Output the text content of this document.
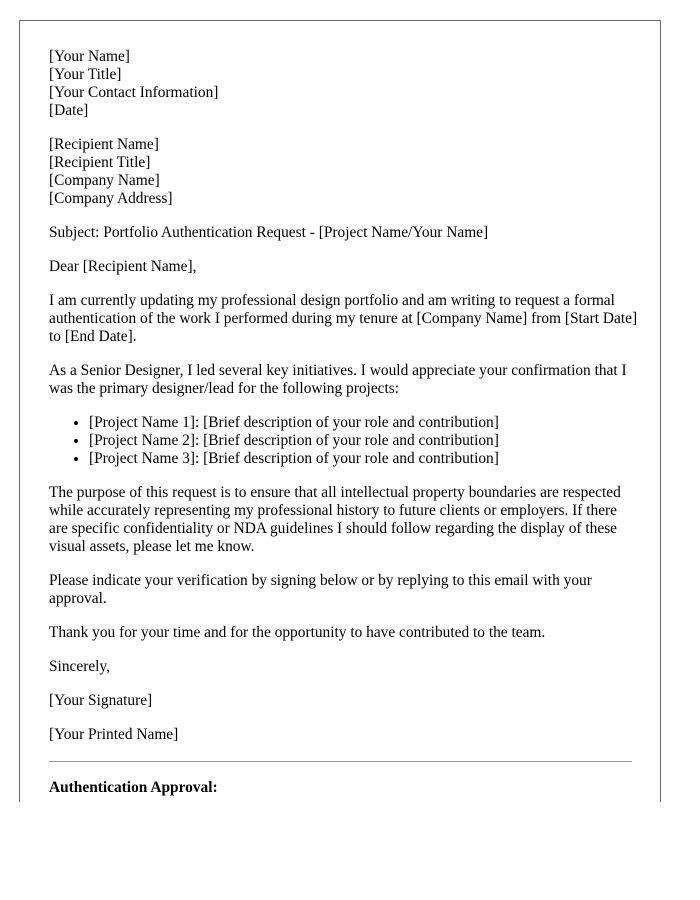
[Your Name]
[Your Title]
[Your Contact Information]
[Date]
[Recipient Name]
[Recipient Title]
[Company Name]
[Company Address]

Subject: Portfolio Authentication Request - [Project Name/Your Name]

Dear [Recipient Name],

I am currently updating my professional design portfolio and am writing to request a formal authentication of the work I performed during my tenure at [Company Name] from [Start Date] to [End Date].

As a Senior Designer, I led several key initiatives. I would appreciate your confirmation that I was the primary designer/lead for the following projects:

• [Project Name 1]: [Brief description of your role and contribution]
• [Project Name 2]: [Brief description of your role and contribution]
• [Project Name 3]: [Brief description of your role and contribution]

The purpose of this request is to ensure that all intellectual property boundaries are respected while accurately representing my professional history to future clients or employers. If there are specific confidentiality or NDA guidelines I should follow regarding the display of these visual assets, please let me know.

Please indicate your verification by signing below or by replying to this email with your approval.

Thank you for your time and for the opportunity to have contributed to the team.

Sincerely,

[Your Signature]

[Your Printed Name]

Authentication Approval:
